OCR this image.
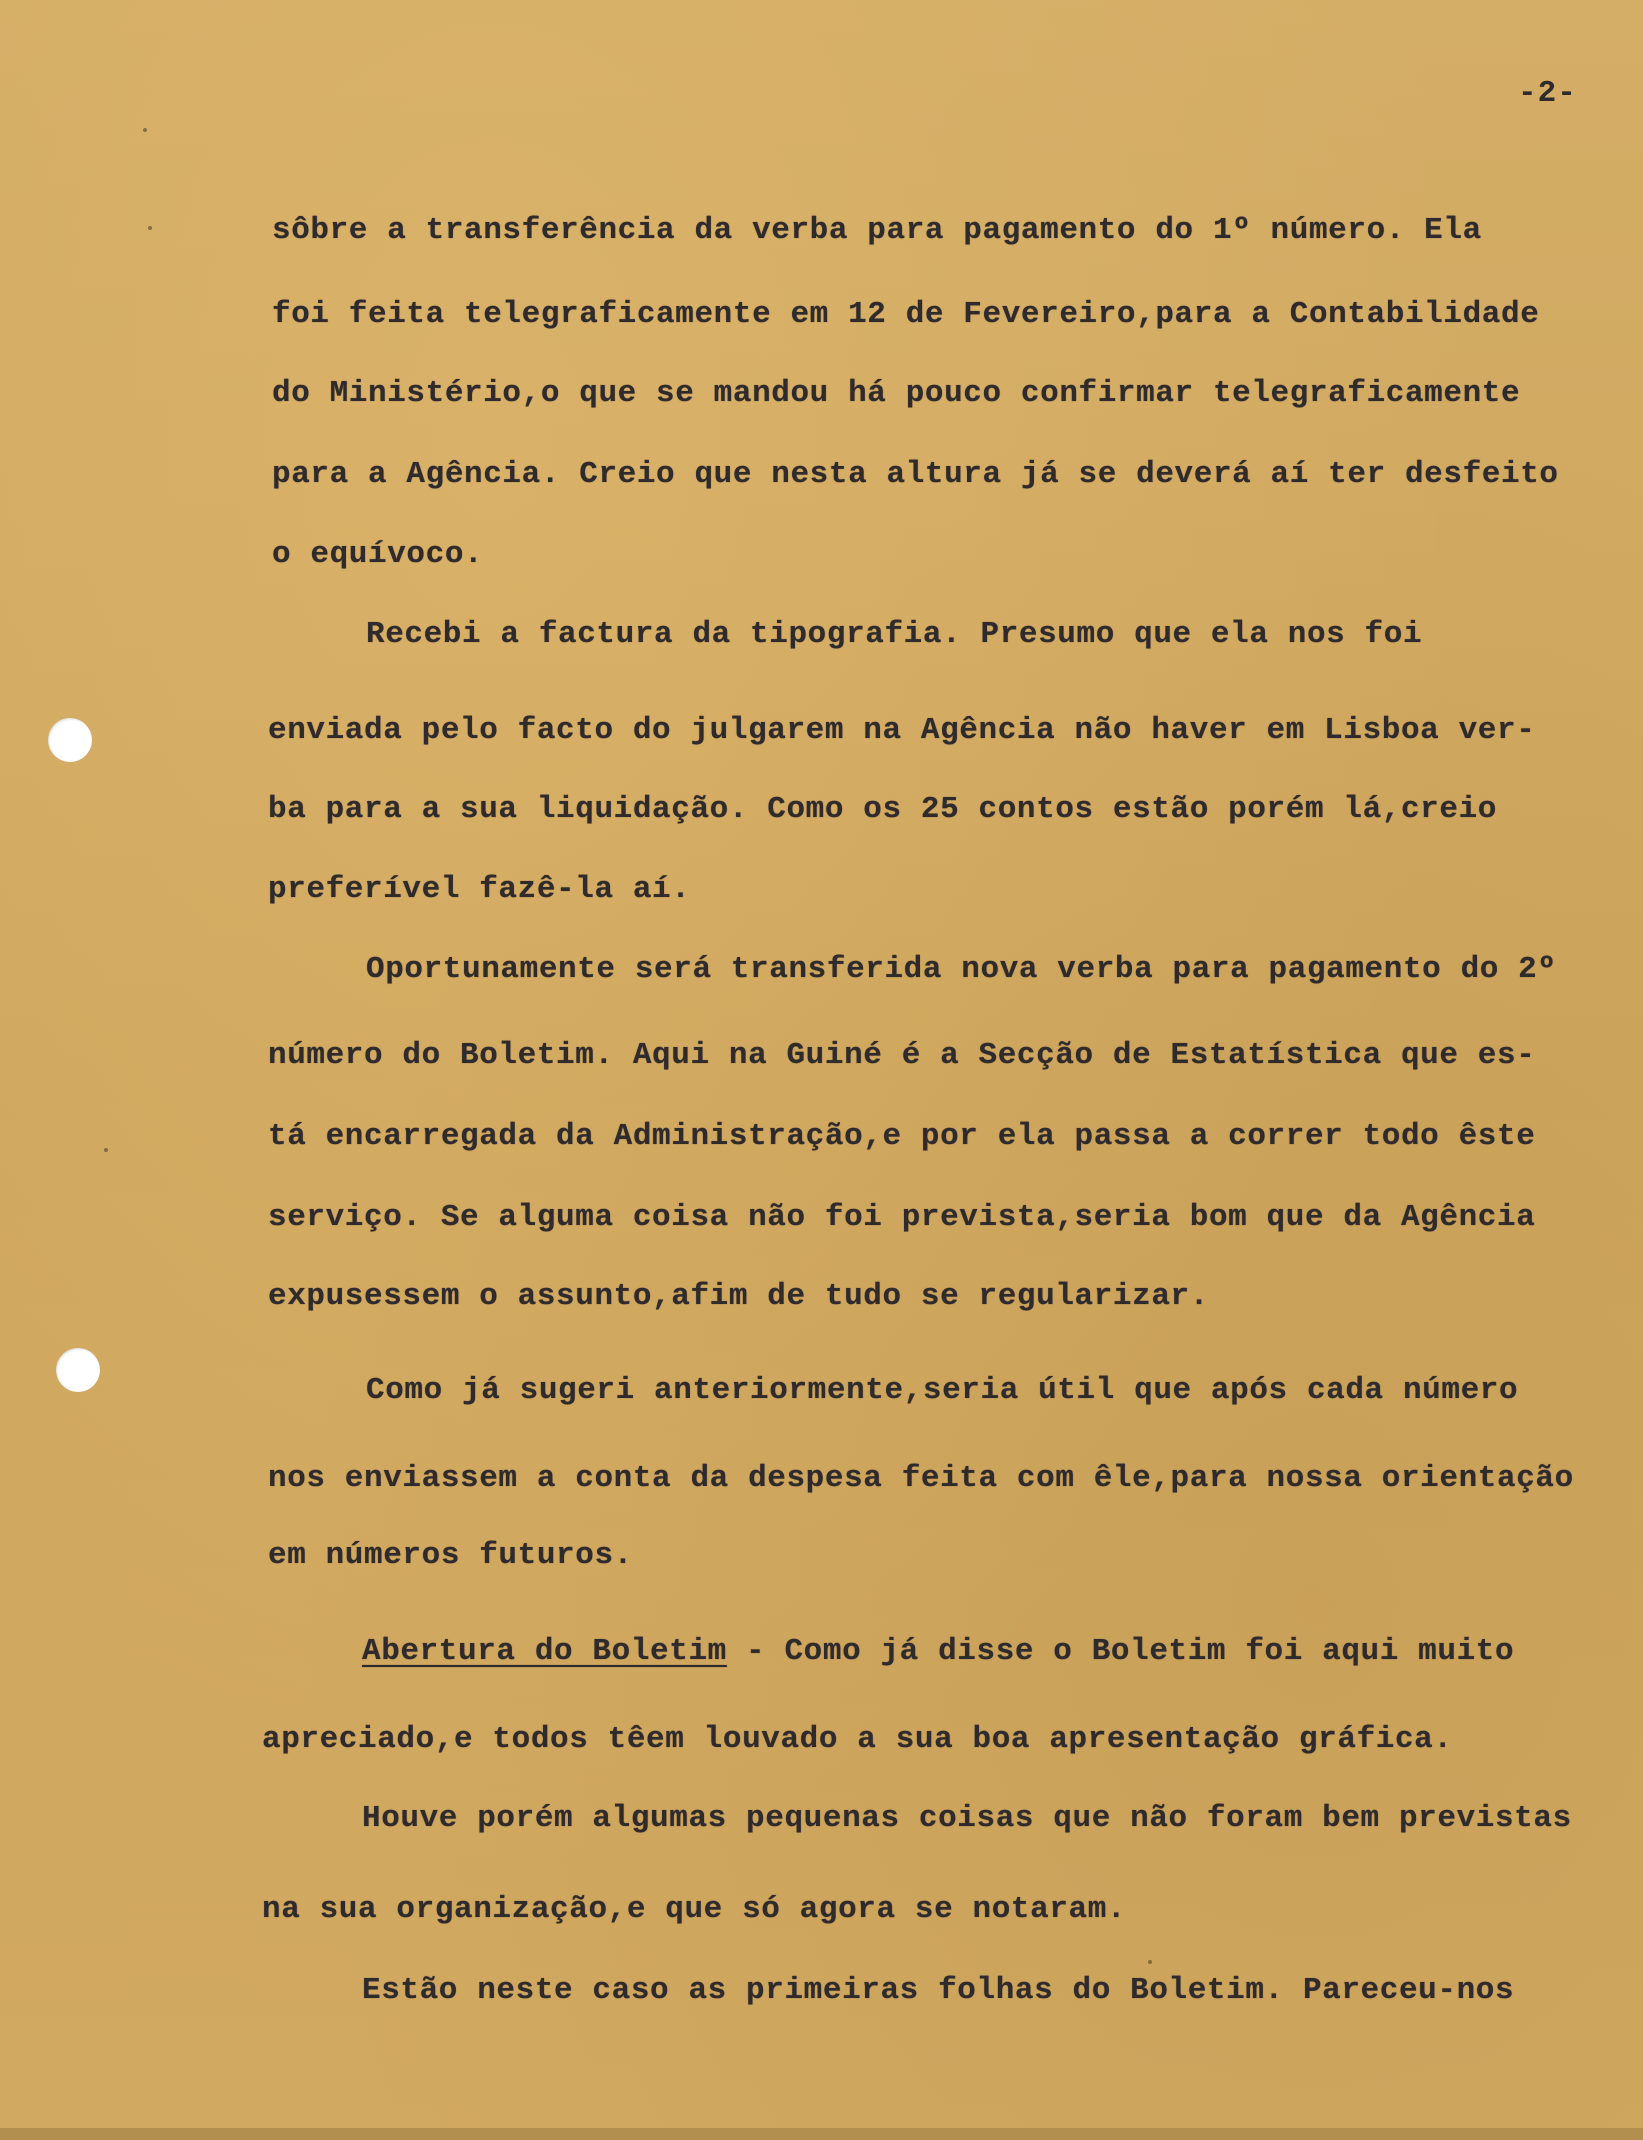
-2-
sôbre a transferência da verba para pagamento do 1º número. Ela
foi feita telegraficamente em 12 de Fevereiro,para a Contabilidade
do Ministério,o que se mandou há pouco confirmar telegraficamente
para a Agência. Creio que nesta altura já se deverá aí ter desfeito
o equívoco.
Recebi a factura da tipografia. Presumo que ela nos foi
enviada pelo facto do julgarem na Agência não haver em Lisboa ver-
ba para a sua liquidação. Como os 25 contos estão porém lá,creio
preferível fazê-la aí.
Oportunamente será transferida nova verba para pagamento do 2º
número do Boletim. Aqui na Guiné é a Secção de Estatística que es-
tá encarregada da Administração,e por ela passa a correr todo êste
serviço. Se alguma coisa não foi prevista,seria bom que da Agência
expusessem o assunto,afim de tudo se regularizar.
Como já sugeri anteriormente,seria útil que após cada número
nos enviassem a conta da despesa feita com êle,para nossa orientação
em números futuros.
Abertura do Boletim - Como já disse o Boletim foi aqui muito
apreciado,e todos têem louvado a sua boa apresentação gráfica.
Houve porém algumas pequenas coisas que não foram bem previstas
na sua organização,e que só agora se notaram.
Estão neste caso as primeiras folhas do Boletim. Pareceu-nos
